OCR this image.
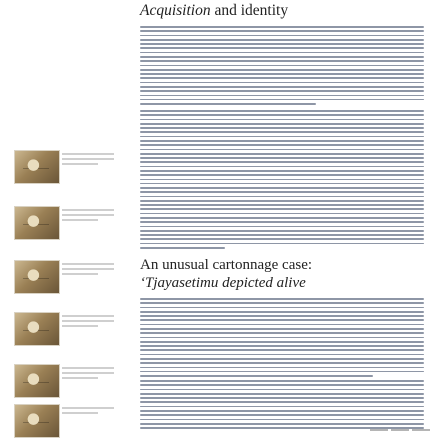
Acquisition and identity
An unusual cartonnage case:
‘Tjayasetimu depicted alive
